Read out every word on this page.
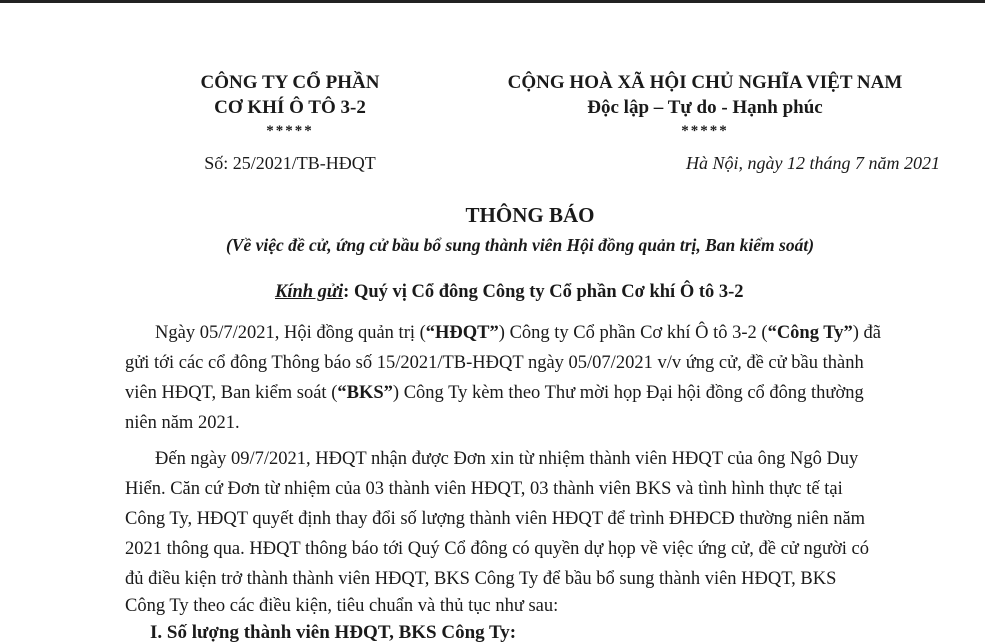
CÔNG TY CỔ PHẦN
CƠ KHÍ Ô TÔ 3-2
*****
Số: 25/2021/TB-HĐQT
CỘNG HOÀ XÃ HỘI CHỦ NGHĨA VIỆT NAM
Độc lập – Tự do - Hạnh phúc
*****
Hà Nội, ngày 12 tháng 7 năm 2021
THÔNG BÁO
(Về việc đề cử, ứng cử bầu bổ sung thành viên Hội đồng quản trị, Ban kiểm soát)
Kính gửi: Quý vị Cổ đông Công ty Cổ phần Cơ khí Ô tô 3-2
Ngày 05/7/2021, Hội đồng quản trị (“HĐQT”) Công ty Cổ phần Cơ khí Ô tô 3-2 (“Công Ty”) đã
gửi tới các cổ đông Thông báo số 15/2021/TB-HĐQT ngày 05/07/2021 v/v ứng cử, đề cử bầu thành
viên HĐQT, Ban kiểm soát (“BKS”) Công Ty kèm theo Thư mời họp Đại hội đồng cổ đông thường
niên năm 2021.
Đến ngày 09/7/2021, HĐQT nhận được Đơn xin từ nhiệm thành viên HĐQT của ông Ngô Duy
Hiển. Căn cứ Đơn từ nhiệm của 03 thành viên HĐQT, 03 thành viên BKS và tình hình thực tế tại
Công Ty, HĐQT quyết định thay đổi số lượng thành viên HĐQT để trình ĐHĐCĐ thường niên năm
2021 thông qua. HĐQT thông báo tới Quý Cổ đông có quyền dự họp về việc ứng cử, đề cử người có
đủ điều kiện trở thành thành viên HĐQT, BKS Công Ty để bầu bổ sung thành viên HĐQT, BKS
Công Ty theo các điều kiện, tiêu chuẩn và thủ tục như sau:
I. Số lượng thành viên HĐQT, BKS Công Ty:
